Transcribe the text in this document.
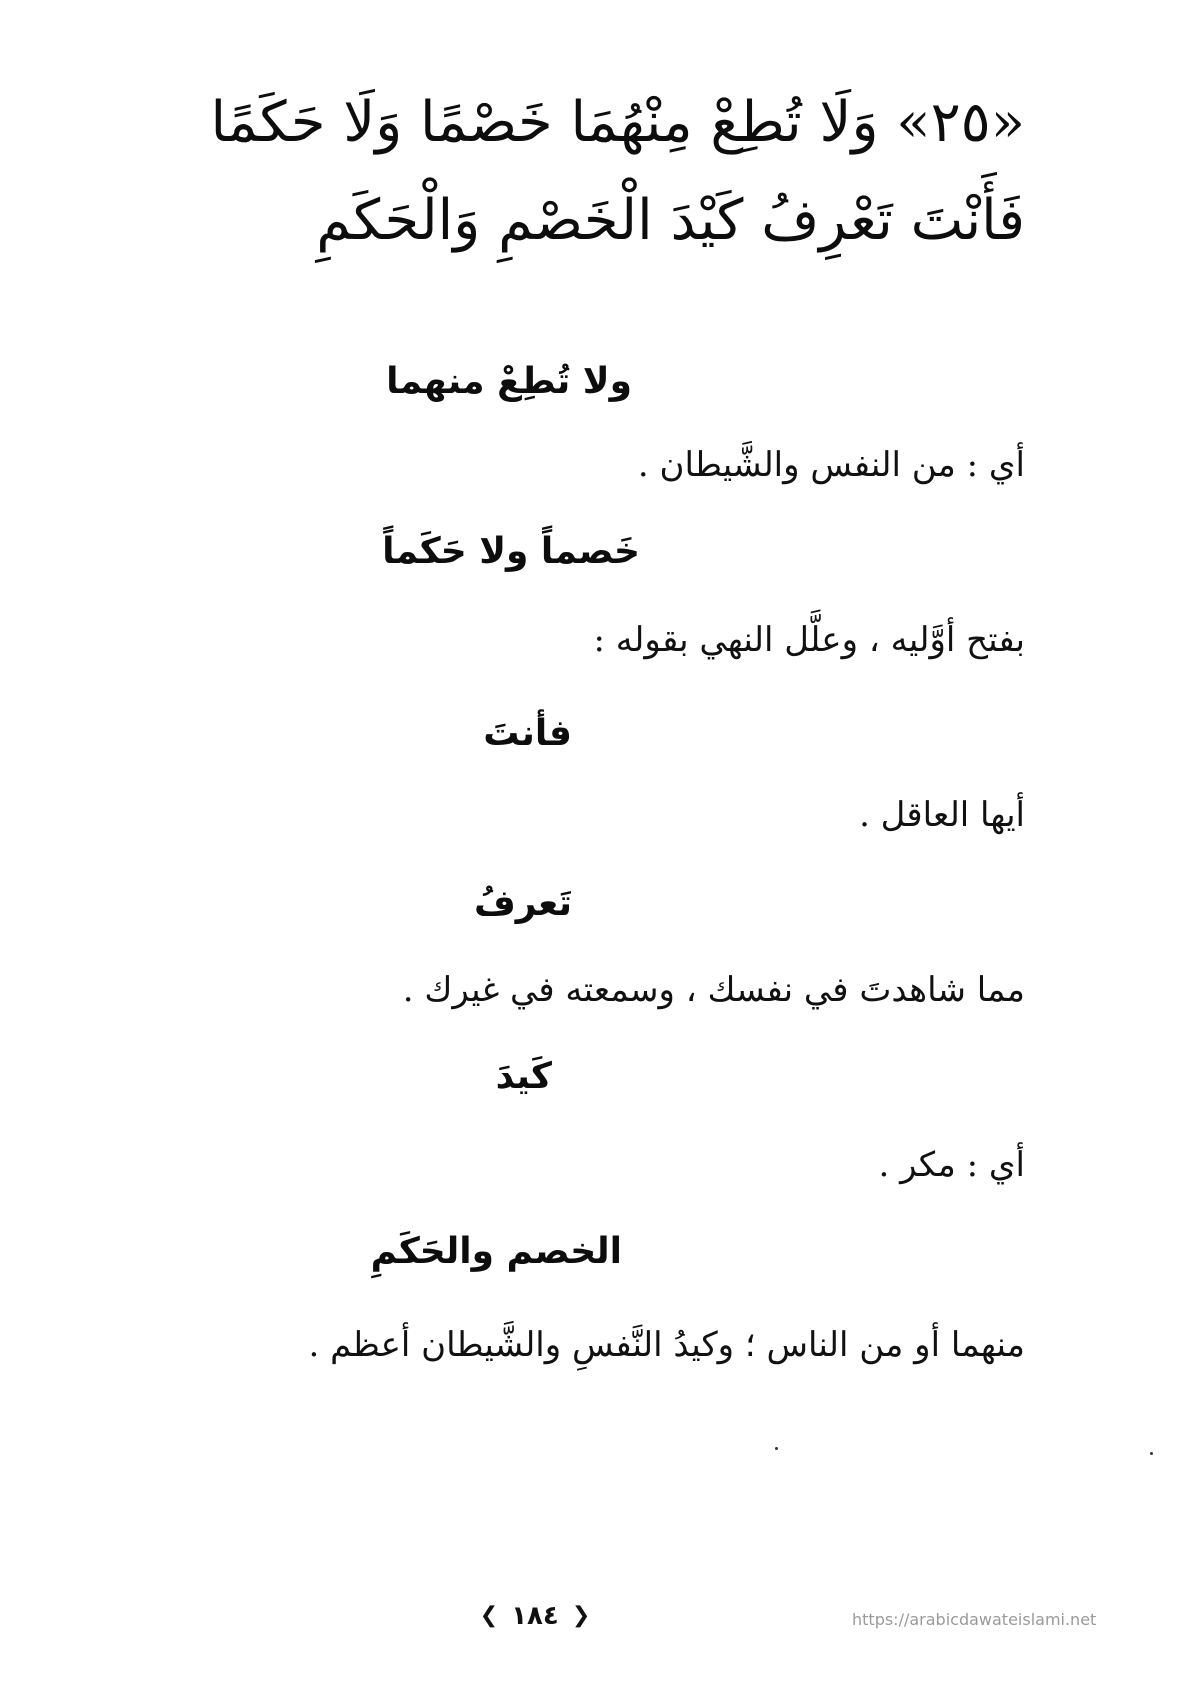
«٢٥» وَلَا تُطِعْ مِنْهُمَا خَصْمًا وَلَا حَكَمًا
فَأَنْتَ تَعْرِفُ كَيْدَ الْخَصْمِ وَالْحَكَمِ
ولا تُطِعْ منهما
أي : من النفس والشَّيطان .
خَصماً ولا حَكَماً
بفتح أوَّليه ، وعلَّل النهي بقوله :
فأنتَ
أيها العاقل .
تَعرفُ
مما شاهدتَ في نفسك ، وسمعته في غيرك .
كَيدَ
أي : مكر .
الخصم والحَكَمِ
منهما أو من الناس ؛ وكيدُ النَّفسِ والشَّيطان أعظم .
❮ ١٨٤ ❯	https://arabicdawateislami.net
